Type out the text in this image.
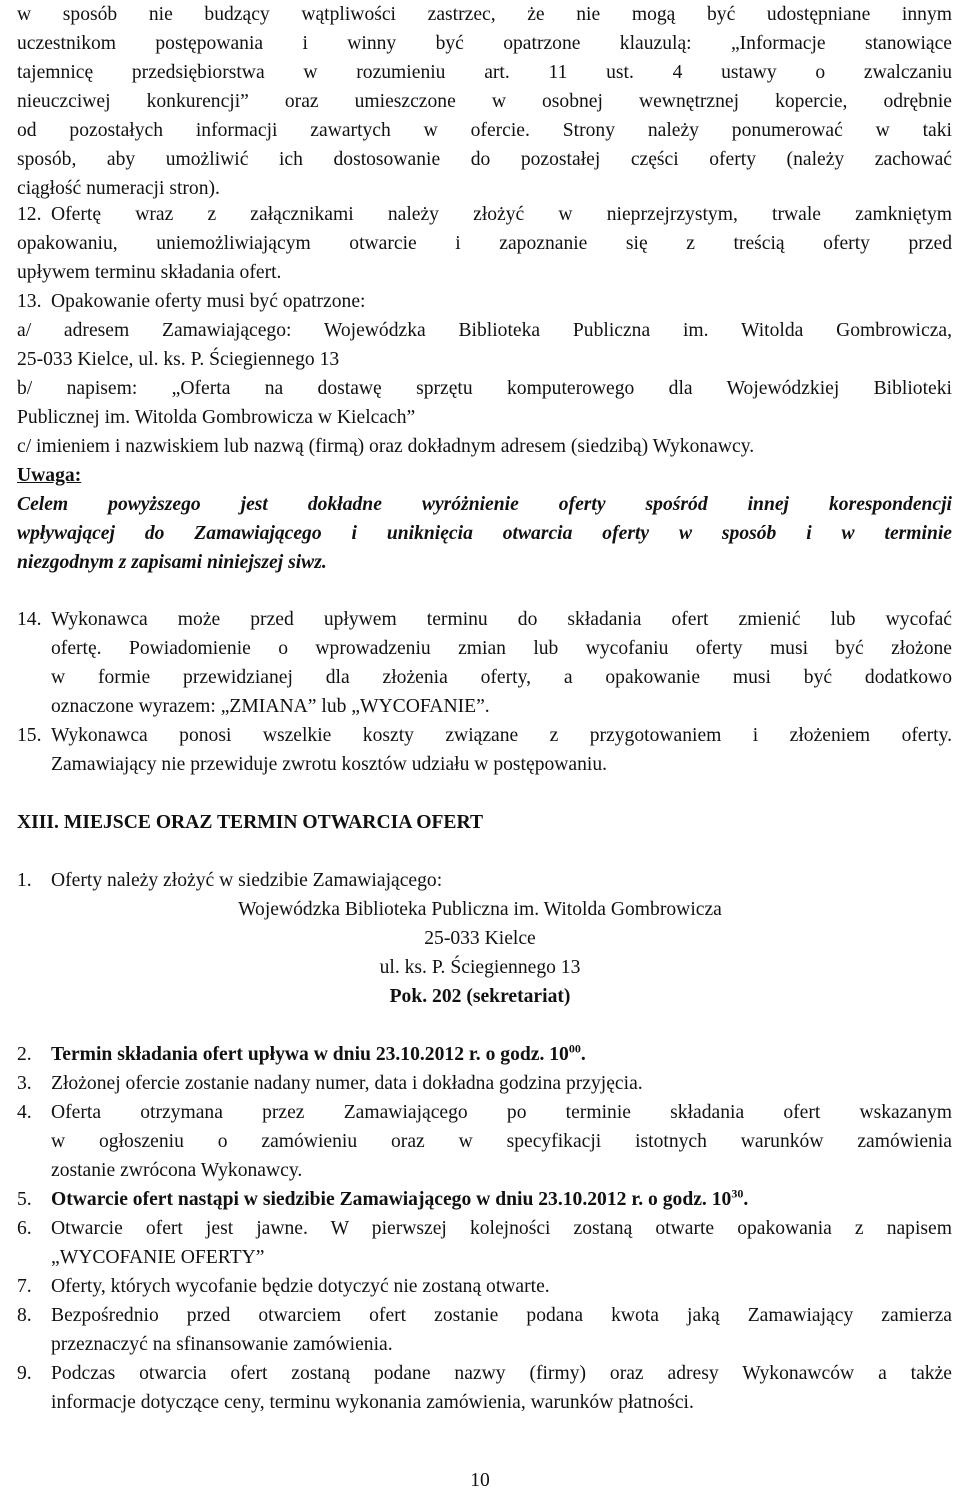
w sposób nie budzący wątpliwości zastrzec, że nie mogą być udostępniane innym
uczestnikom postępowania i winny być opatrzone klauzulą: „Informacje stanowiące
tajemnicę przedsiębiorstwa w rozumieniu art. 11 ust. 4 ustawy o zwalczaniu
nieuczciwej konkurencji” oraz umieszczone w osobnej wewnętrznej kopercie, odrębnie
od pozostałych informacji zawartych w ofercie. Strony należy ponumerować w taki
sposób, aby umożliwić ich dostosowanie do pozostałej części oferty (należy zachować
ciągłość numeracji stron).
12. Ofertę wraz z załącznikami należy złożyć w nieprzejrzystym, trwale zamkniętym
opakowaniu, uniemożliwiającym otwarcie i zapoznanie się z treścią oferty przed
upływem terminu składania ofert.
13. Opakowanie oferty musi być opatrzone:
a/ adresem Zamawiającego: Wojewódzka Biblioteka Publiczna im. Witolda Gombrowicza,
25-033 Kielce, ul. ks. P. Ściegiennego 13
b/ napisem: „Oferta na dostawę sprzętu komputerowego dla Wojewódzkiej Biblioteki
Publicznej im. Witolda Gombrowicza w Kielcach”
c/ imieniem i nazwiskiem lub nazwą (firmą) oraz dokładnym adresem (siedzibą) Wykonawcy.
Uwaga:
Celem powyższego jest dokładne wyróżnienie oferty spośród innej korespondencji
wpływającej do Zamawiającego i uniknięcia otwarcia oferty w sposób i w terminie
niezgodnym z zapisami niniejszej siwz.
14. Wykonawca może przed upływem terminu do składania ofert zmienić lub wycofać
ofertę. Powiadomienie o wprowadzeniu zmian lub wycofaniu oferty musi być złożone
w formie przewidzianej dla złożenia oferty, a opakowanie musi być dodatkowo
oznaczone wyrazem: „ZMIANA” lub „WYCOFANIE”.
15. Wykonawca ponosi wszelkie koszty związane z przygotowaniem i złożeniem oferty.
Zamawiający nie przewiduje zwrotu kosztów udziału w postępowaniu.
XIII. MIEJSCE ORAZ TERMIN OTWARCIA OFERT
1. Oferty należy złożyć w siedzibie Zamawiającego:
Wojewódzka Biblioteka Publiczna im. Witolda Gombrowicza
25-033 Kielce
ul. ks. P. Ściegiennego 13
Pok. 202 (sekretariat)
2. Termin składania ofert upływa w dniu 23.10.2012 r. o godz. $10^{00}$.
3. Złożonej ofercie zostanie nadany numer, data i dokładna godzina przyjęcia.
4. Oferta otrzymana przez Zamawiającego po terminie składania ofert wskazanym
w ogłoszeniu o zamówieniu oraz w specyfikacji istotnych warunków zamówienia
zostanie zwrócona Wykonawcy.
5. Otwarcie ofert nastąpi w siedzibie Zamawiającego w dniu 23.10.2012 r. o godz. $10^{30}$.
6. Otwarcie ofert jest jawne. W pierwszej kolejności zostaną otwarte opakowania z napisem
„WYCOFANIE OFERTY”
7. Oferty, których wycofanie będzie dotyczyć nie zostaną otwarte.
8. Bezpośrednio przed otwarciem ofert zostanie podana kwota jaką Zamawiający zamierza
przeznaczyć na sfinansowanie zamówienia.
9. Podczas otwarcia ofert zostaną podane nazwy (firmy) oraz adresy Wykonawców a także
informacje dotyczące ceny, terminu wykonania zamówienia, warunków płatności.
10
